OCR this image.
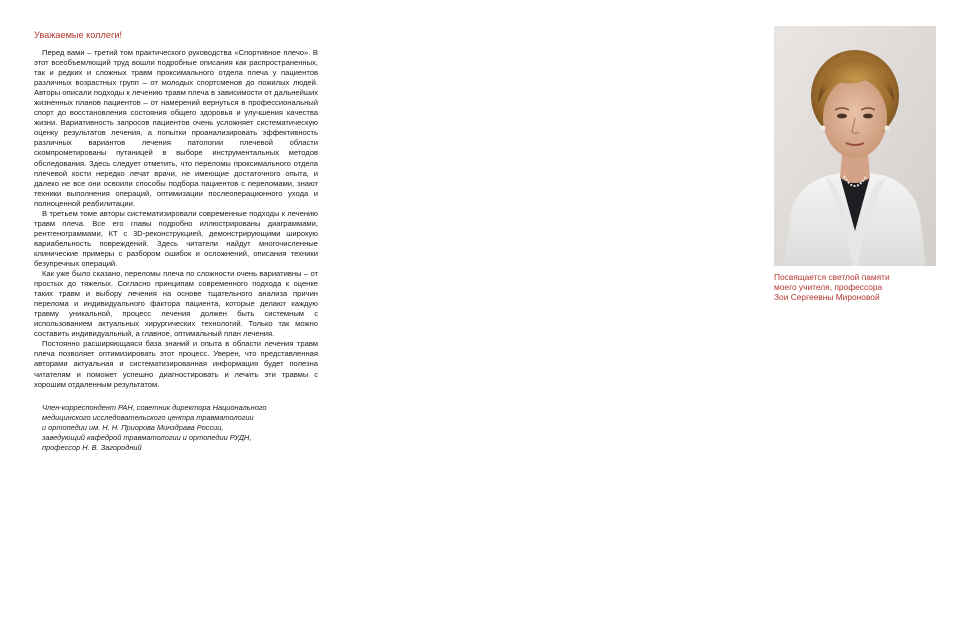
Уважаемые коллеги!

Перед вами – третий том практического руководства «Спортивное плечо». В этот всеобъемлющий труд вошли подробные описания как распространенных, так и редких и сложных травм проксимального отдела плеча у пациентов различных возрастных групп – от молодых спортсменов до пожилых людей. Авторы описали подходы к лечению травм плеча в зависимости от дальнейших жизненных планов пациентов – от намерений вернуться в профессиональный спорт до восстановления состояния общего здоровья и улучшения качества жизни. Вариативность запросов пациентов очень усложняет систематическую оценку результатов лечения, а попытки проанализировать эффективность различных вариантов лечения патологии плечевой области скомпрометированы путаницей в выборе инструментальных методов обследования. Здесь следует отметить, что переломы проксимального отдела плечевой кости нередко лечат врачи, не имеющие достаточного опыта, и далеко не все они освоили способы подбора пациентов с переломами, знают техники выполнения операций, оптимизации послеоперационного ухода и полноценной реабилитации.

В третьем томе авторы систематизировали современные подходы к лечению травм плеча. Все его главы подробно иллюстрированы диаграммами, рентгенограммами, КТ с 3D-реконструкцией, демонстрирующими широкую вариабельность повреждений. Здесь читатели найдут многочисленные клинические примеры с разбором ошибок и осложнений, описания техники безупречных операций.

Как уже было сказано, переломы плеча по сложности очень вариативны – от простых до тяжелых. Согласно принципам современного подхода к оценке таких травм и выбору лечения на основе тщательного анализа причин перелома и индивидуального фактора пациента, которые делают каждую травму уникальной, процесс лечения должен быть системным с использованием актуальных хирургических технологий. Только так можно составить индивидуальный, а главное, оптимальный план лечения.

Постоянно расширяющаяся база знаний и опыта в области лечения травм плеча позволяет оптимизировать этот процесс. Уверен, что представленная авторами актуальная и систематизированная информация будет полезна читателям и поможет успешно диагностировать и лечить эти травмы с хорошим отдаленным результатом.

Член-корреспондент РАН, советник директора Национального
медицинского исследовательского центра травматологии
и ортопедии им. Н. Н. Приорова Минздрава России,
заведующий кафедрой травматологии и ортопедии РУДН,
профессор Н. В. Загородний
Посвящается светлой памяти
моего учителя, профессора
Зои Сергеевны Мироновой
